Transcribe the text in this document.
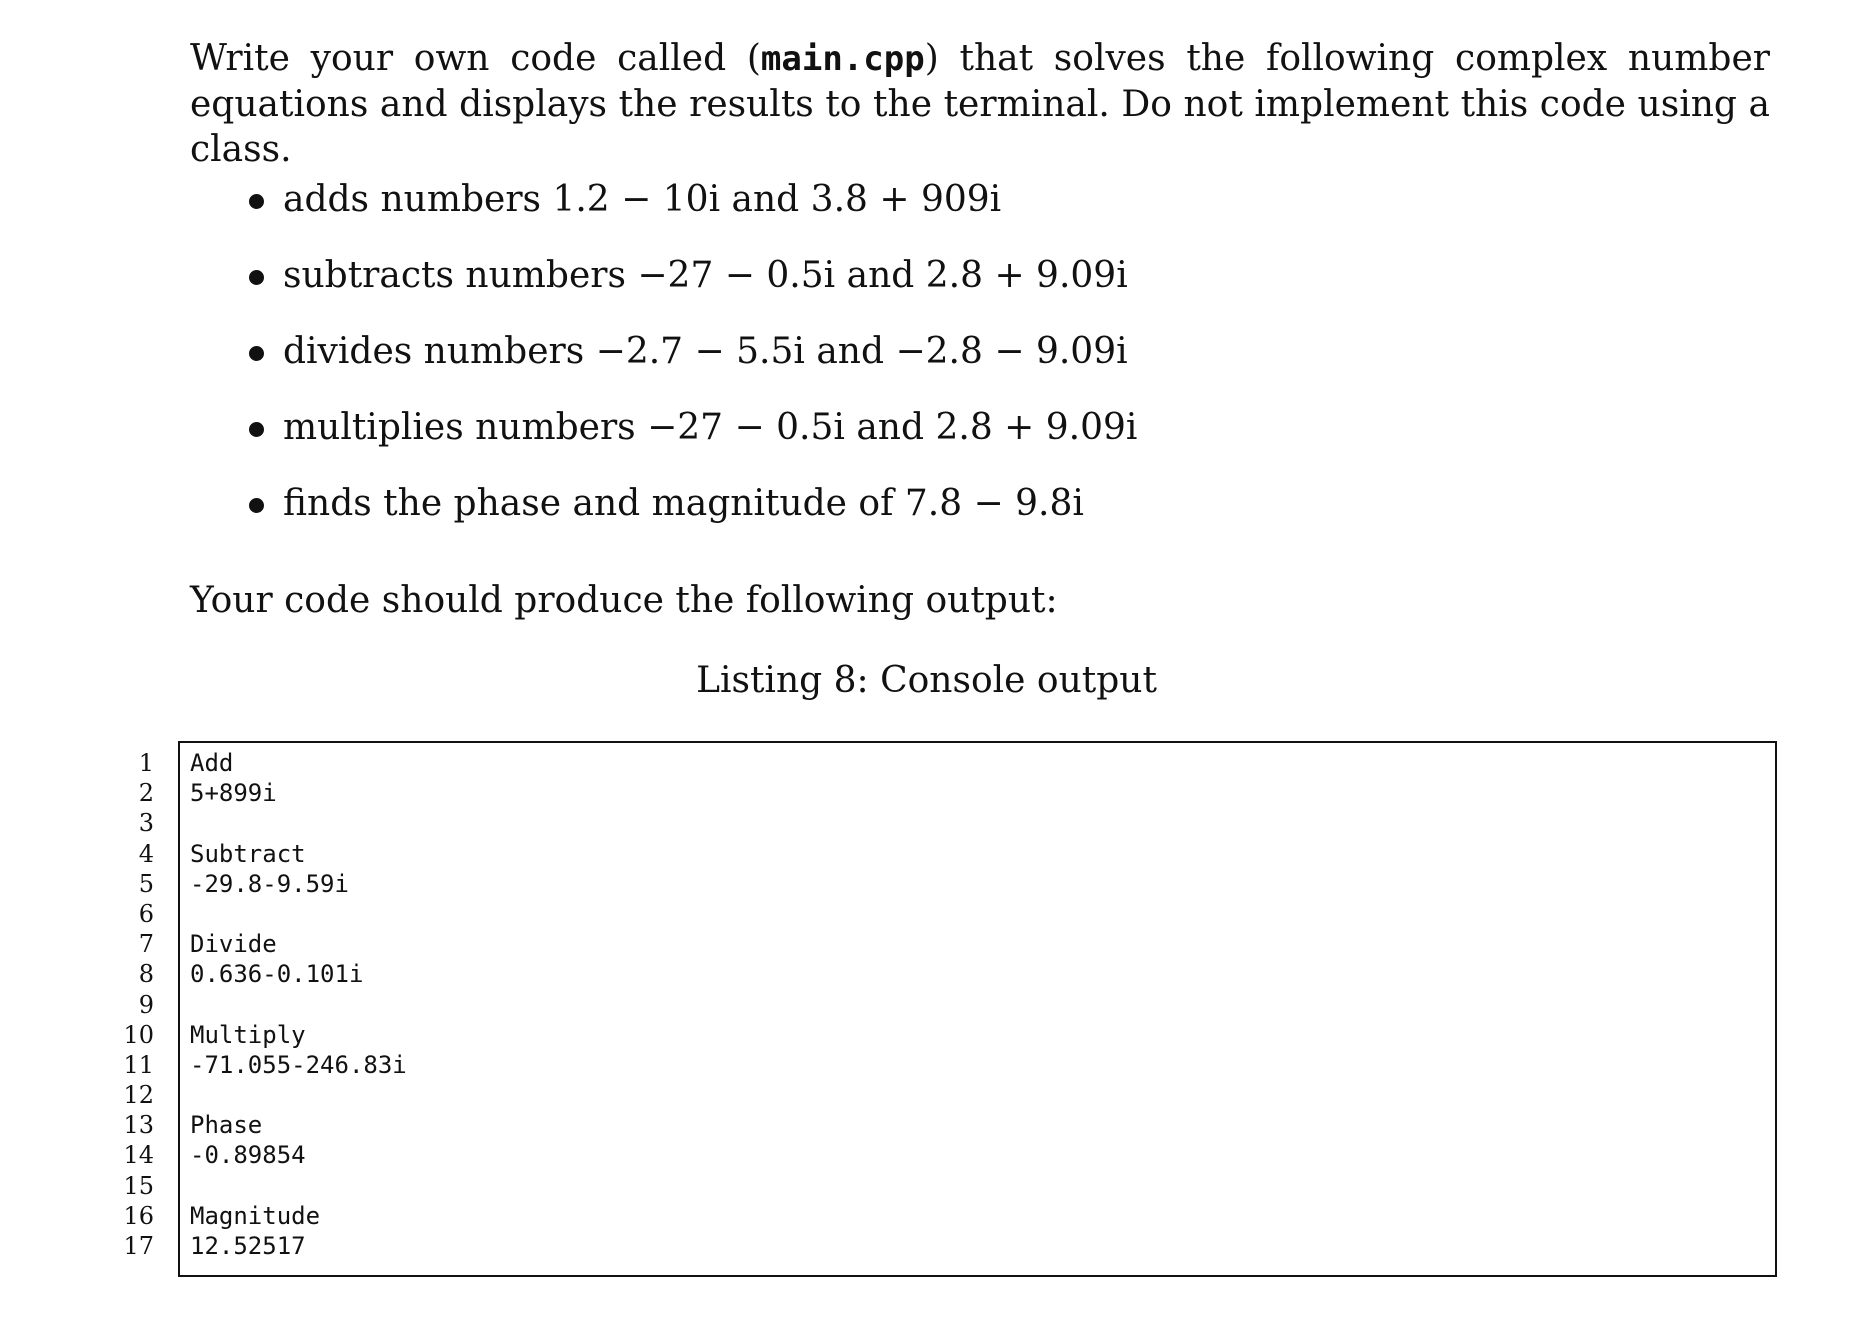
Write your own code called (main.cpp) that solves the following complex number equations and displays the results to the terminal. Do not implement this code using a class.

adds numbers 1.2 − 10i and 3.8 + 909i
subtracts numbers −27 − 0.5i and 2.8 + 9.09i
divides numbers −2.7 − 5.5i and −2.8 − 9.09i
multiplies numbers −27 − 0.5i and 2.8 + 9.09i
finds the phase and magnitude of 7.8 − 9.8i

Your code should produce the following output:

Listing 8: Console output

1
2
3
4
5
6
7
8
9
10
11
12
13
14
15
16
17
Add
5+899i
Subtract
-29.8-9.59i
Divide
0.636-0.101i
Multiply
-71.055-246.83i
Phase
-0.89854
Magnitude
12.52517
